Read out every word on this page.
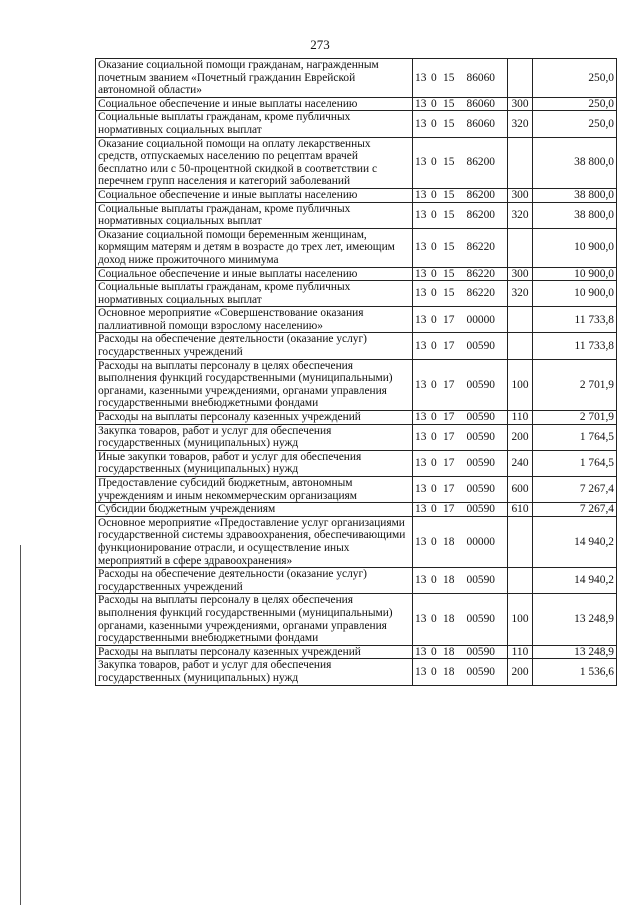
273
Оказание социальной помощи гражданам, награжденным почетным званием «Почетный гражданин Еврейской автономной области»	13 0 15 86060		250,0
Социальное обеспечение и иные выплаты населению	13 0 15 86060	300	250,0
Социальные выплаты гражданам, кроме публичных нормативных социальных выплат	13 0 15 86060	320	250,0
Оказание социальной помощи на оплату лекарственных средств, отпускаемых населению по рецептам врачей бесплатно или с 50-процентной скидкой в соответствии с перечнем групп населения и категорий заболеваний	13 0 15 86200		38 800,0
Социальное обеспечение и иные выплаты населению	13 0 15 86200	300	38 800,0
Социальные выплаты гражданам, кроме публичных нормативных социальных выплат	13 0 15 86200	320	38 800,0
Оказание социальной помощи беременным женщинам, кормящим матерям и детям в возрасте до трех лет, имеющим доход ниже прожиточного минимума	13 0 15 86220		10 900,0
Социальное обеспечение и иные выплаты населению	13 0 15 86220	300	10 900,0
Социальные выплаты гражданам, кроме публичных нормативных социальных выплат	13 0 15 86220	320	10 900,0
Основное мероприятие «Совершенствование оказания паллиативной помощи взрослому населению»	13 0 17 00000		11 733,8
Расходы на обеспечение деятельности (оказание услуг) государственных учреждений	13 0 17 00590		11 733,8
Расходы на выплаты персоналу в целях обеспечения выполнения функций государственными (муниципальными) органами, казенными учреждениями, органами управления государственными внебюджетными фондами	13 0 17 00590	100	2 701,9
Расходы на выплаты персоналу казенных учреждений	13 0 17 00590	110	2 701,9
Закупка товаров, работ и услуг для обеспечения государственных (муниципальных) нужд	13 0 17 00590	200	1 764,5
Иные закупки товаров, работ и услуг для обеспечения государственных (муниципальных) нужд	13 0 17 00590	240	1 764,5
Предоставление субсидий бюджетным, автономным учреждениям и иным некоммерческим организациям	13 0 17 00590	600	7 267,4
Субсидии бюджетным учреждениям	13 0 17 00590	610	7 267,4
Основное мероприятие «Предоставление услуг организациями государственной системы здравоохранения, обеспечивающими функционирование отрасли, и осуществление иных мероприятий в сфере здравоохранения»	13 0 18 00000		14 940,2
Расходы на обеспечение деятельности (оказание услуг) государственных учреждений	13 0 18 00590		14 940,2
Расходы на выплаты персоналу в целях обеспечения выполнения функций государственными (муниципальными) органами, казенными учреждениями, органами управления государственными внебюджетными фондами	13 0 18 00590	100	13 248,9
Расходы на выплаты персоналу казенных учреждений	13 0 18 00590	110	13 248,9
Закупка товаров, работ и услуг для обеспечения государственных (муниципальных) нужд	13 0 18 00590	200	1 536,6
